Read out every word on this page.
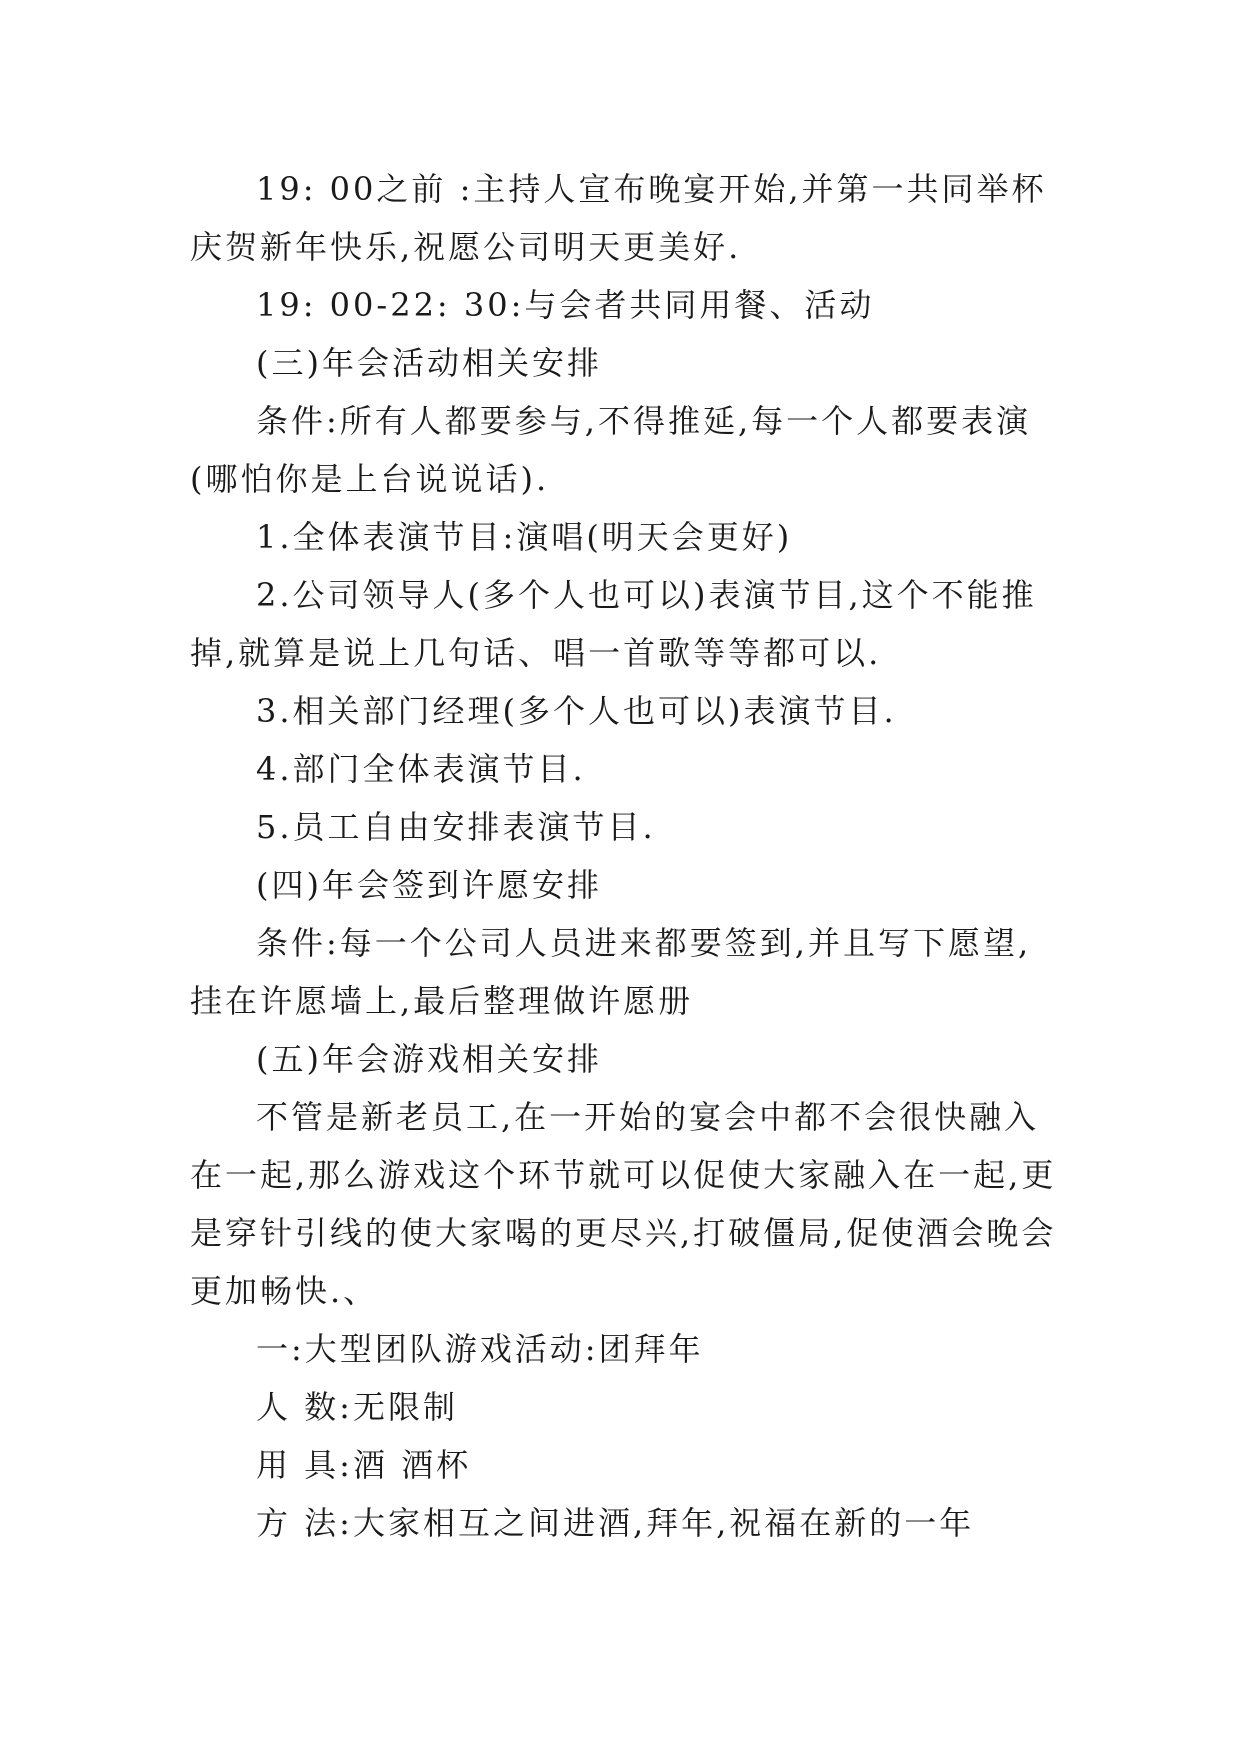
19: 00之前 :主持人宣布晚宴开始,并第一共同举杯庆贺新年快乐,祝愿公司明天更美好.

19: 00-22: 30:与会者共同用餐、活动

(三)年会活动相关安排

条件:所有人都要参与,不得推延,每一个人都要表演(哪怕你是上台说说话).

1.全体表演节目:演唱(明天会更好)

2.公司领导人(多个人也可以)表演节目,这个不能推掉,就算是说上几句话、唱一首歌等等都可以.

3.相关部门经理(多个人也可以)表演节目.

4.部门全体表演节目.

5.员工自由安排表演节目.

(四)年会签到许愿安排

条件:每一个公司人员进来都要签到,并且写下愿望,挂在许愿墙上,最后整理做许愿册

(五)年会游戏相关安排

不管是新老员工,在一开始的宴会中都不会很快融入在一起,那么游戏这个环节就可以促使大家融入在一起,更是穿针引线的使大家喝的更尽兴,打破僵局,促使酒会晚会更加畅快.、

一:大型团队游戏活动:团拜年

人 数:无限制

用 具:酒 酒杯

方 法:大家相互之间进酒,拜年,祝福在新的一年
